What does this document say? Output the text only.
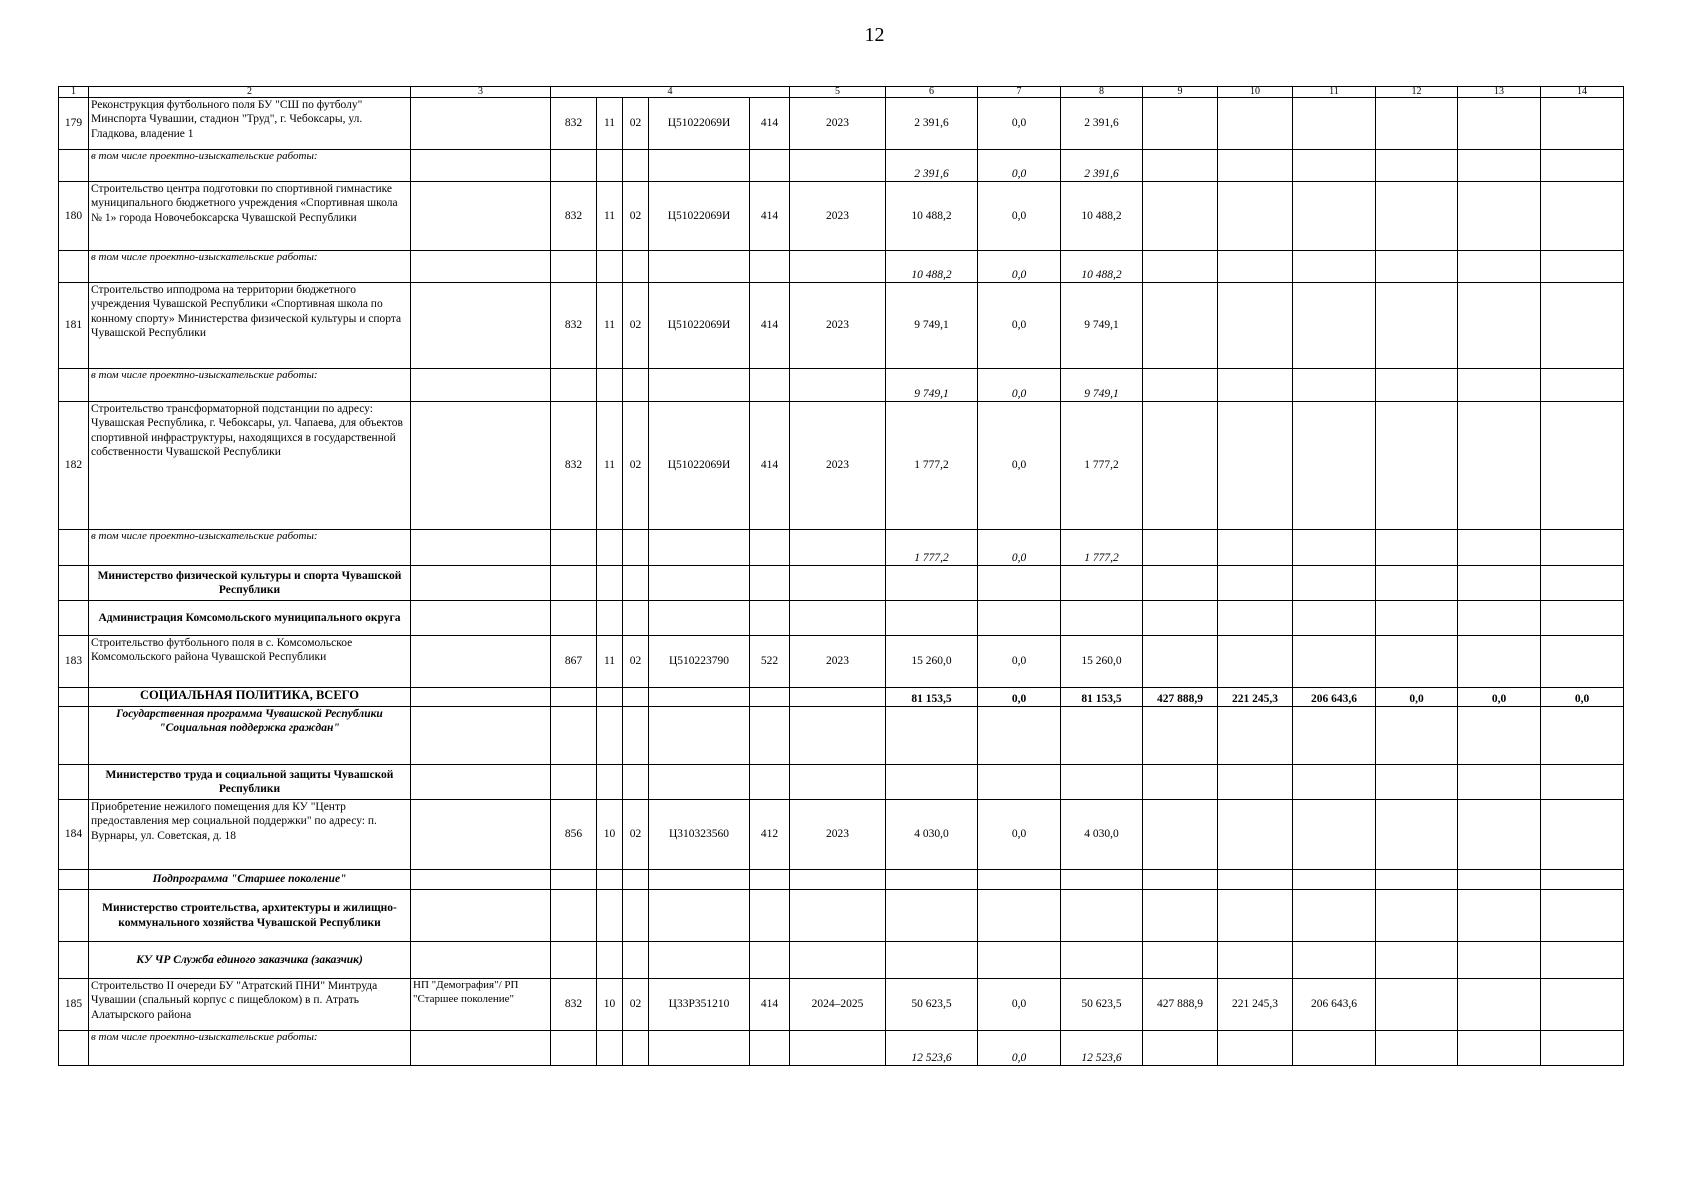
12
1	2	3	4					5	6	7	8	9	10	11	12	13	14
179	Реконструкция футбольного поля БУ "СШ по футболу" Минспорта Чувашии, стадион "Труд", г. Чебоксары, ул. Гладкова, владение 1		832	11	02	Ц51022069И	414	2023	2 391,6	0,0	2 391,6						
	в том числе проектно-изыскательские работы:								2 391,6	0,0	2 391,6						
180	Строительство центра подготовки по спортивной гимнастике муниципального бюджетного учреждения «Спортивная школа № 1» города Новочебоксарска Чувашской Республики		832	11	02	Ц51022069И	414	2023	10 488,2	0,0	10 488,2						
	в том числе проектно-изыскательские работы:								10 488,2	0,0	10 488,2						
181	Строительство ипподрома на территории бюджетного учреждения Чувашской Республики «Спортивная школа по конному спорту» Министерства физической культуры и спорта Чувашской Республики		832	11	02	Ц51022069И	414	2023	9 749,1	0,0	9 749,1						
	в том числе проектно-изыскательские работы:								9 749,1	0,0	9 749,1						
182	Строительство трансформаторной подстанции по адресу: Чувашская Республика, г. Чебоксары, ул. Чапаева, для объектов спортивной инфраструктуры, находящихся в государственной собственности Чувашской Республики		832	11	02	Ц51022069И	414	2023	1 777,2	0,0	1 777,2						
	в том числе проектно-изыскательские работы:								1 777,2	0,0	1 777,2						
	Министерство физической культуры и спорта Чувашской Республики																
	Администрация Комсомольского муниципального округа																
183	Строительство футбольного поля в с. Комсомольское Комсомольского района Чувашской Республики		867	11	02	Ц510223790	522	2023	15 260,0	0,0	15 260,0						
	СОЦИАЛЬНАЯ ПОЛИТИКА, ВСЕГО								81 153,5	0,0	81 153,5	427 888,9	221 245,3	206 643,6	0,0	0,0	0,0
	Государственная программа Чувашской Республики "Социальная поддержка граждан"																
	Министерство труда и социальной защиты Чувашской Республики																
184	Приобретение нежилого помещения для КУ "Центр предоставления мер социальной поддержки" по адресу: п. Вурнары, ул. Советская, д. 18		856	10	02	Ц310323560	412	2023	4 030,0	0,0	4 030,0						
	Подпрограмма "Старшее поколение"																
	Министерство строительства, архитектуры и жилищно-коммунального хозяйства Чувашской Республики																
	КУ ЧР Служба единого заказчика (заказчик)																
185	Строительство II очереди БУ "Атратский ПНИ" Минтруда Чувашии (спальный корпус с пищеблоком) в п. Атрать Алатырского района	НП "Демография"/ РП "Старшее поколение"	832	10	02	Ц33Р351210	414	2024–2025	50 623,5	0,0	50 623,5	427 888,9	221 245,3	206 643,6			
	в том числе проектно-изыскательские работы:								12 523,6	0,0	12 523,6						
